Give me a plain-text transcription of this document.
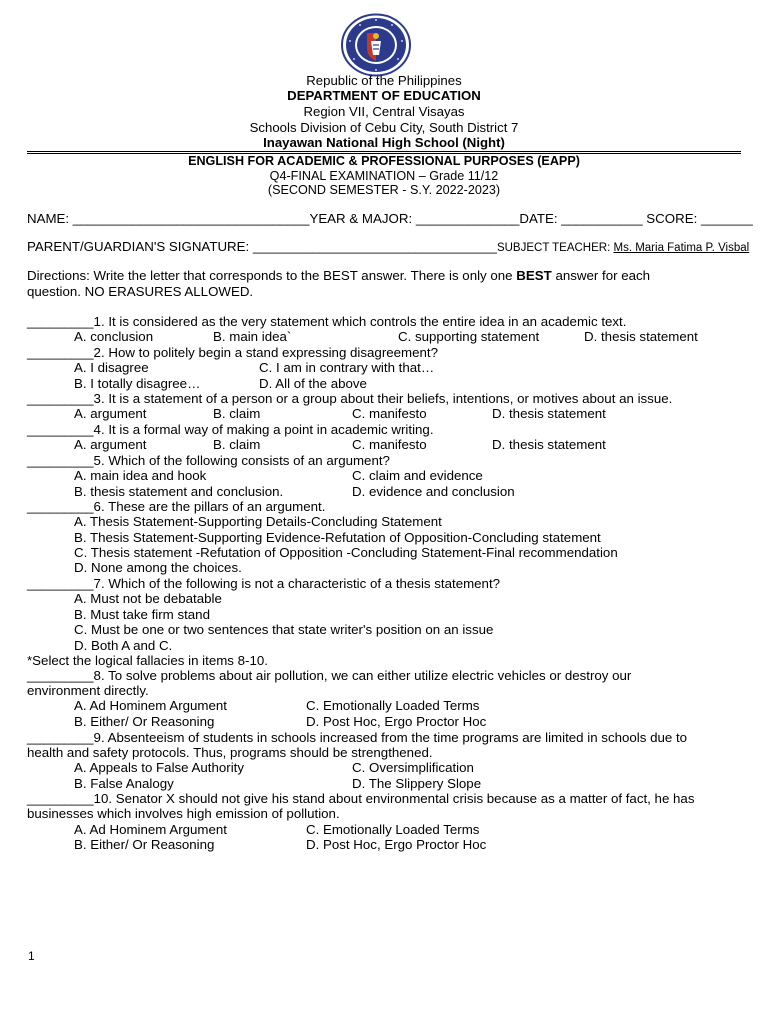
Republic of the Philippines
DEPARTMENT OF EDUCATION
Region VII, Central Visayas
Schools Division of Cebu City, South District 7
Inayawan National High School (Night)
ENGLISH FOR ACADEMIC & PROFESSIONAL PURPOSES (EAPP)
Q4-FINAL EXAMINATION – Grade 11/12
(SECOND SEMESTER - S.Y. 2022-2023)
NAME: ________________________________YEAR & MAJOR: ______________DATE: ___________ SCORE: _______
PARENT/GUARDIAN'S SIGNATURE: _________________________________SUBJECT TEACHER: Ms. Maria Fatima P. Visbal
Directions: Write the letter that corresponds to the BEST answer. There is only one BEST answer for each
question. NO ERASURES ALLOWED.
_________1. It is considered as the very statement which controls the entire idea in an academic text.
A. conclusion	B. main idea`	C. supporting statement	D. thesis statement
_________2. How to politely begin a stand expressing disagreement?
A. I disagree	C. I am in contrary with that…
B. I totally disagree…	D. All of the above
_________3. It is a statement of a person or a group about their beliefs, intentions, or motives about an issue.
A. argument	B. claim	C. manifesto	D. thesis statement
_________4. It is a formal way of making a point in academic writing.
A. argument	B. claim	C. manifesto	D. thesis statement
_________5. Which of the following consists of an argument?
A. main idea and hook	C. claim and evidence
B. thesis statement and conclusion.	D. evidence and conclusion
_________6. These are the pillars of an argument.
A. Thesis Statement-Supporting Details-Concluding Statement
B. Thesis Statement-Supporting Evidence-Refutation of Opposition-Concluding statement
C. Thesis statement -Refutation of Opposition -Concluding Statement-Final recommendation
D. None among the choices.
_________7. Which of the following is not a characteristic of a thesis statement?
A. Must not be debatable
B. Must take firm stand
C. Must be one or two sentences that state writer's position on an issue
D. Both A and C.
*Select the logical fallacies in items 8-10.
_________8. To solve problems about air pollution, we can either utilize electric vehicles or destroy our
environment directly.
A. Ad Hominem Argument	C. Emotionally Loaded Terms
B. Either/ Or Reasoning	D. Post Hoc, Ergo Proctor Hoc
_________9. Absenteeism of students in schools increased from the time programs are limited in schools due to
health and safety protocols. Thus, programs should be strengthened.
A. Appeals to False Authority	C. Oversimplification
B. False Analogy	D. The Slippery Slope
_________10. Senator X should not give his stand about environmental crisis because as a matter of fact, he has
businesses which involves high emission of pollution.
A. Ad Hominem Argument	C. Emotionally Loaded Terms
B. Either/ Or Reasoning	D. Post Hoc, Ergo Proctor Hoc
1
